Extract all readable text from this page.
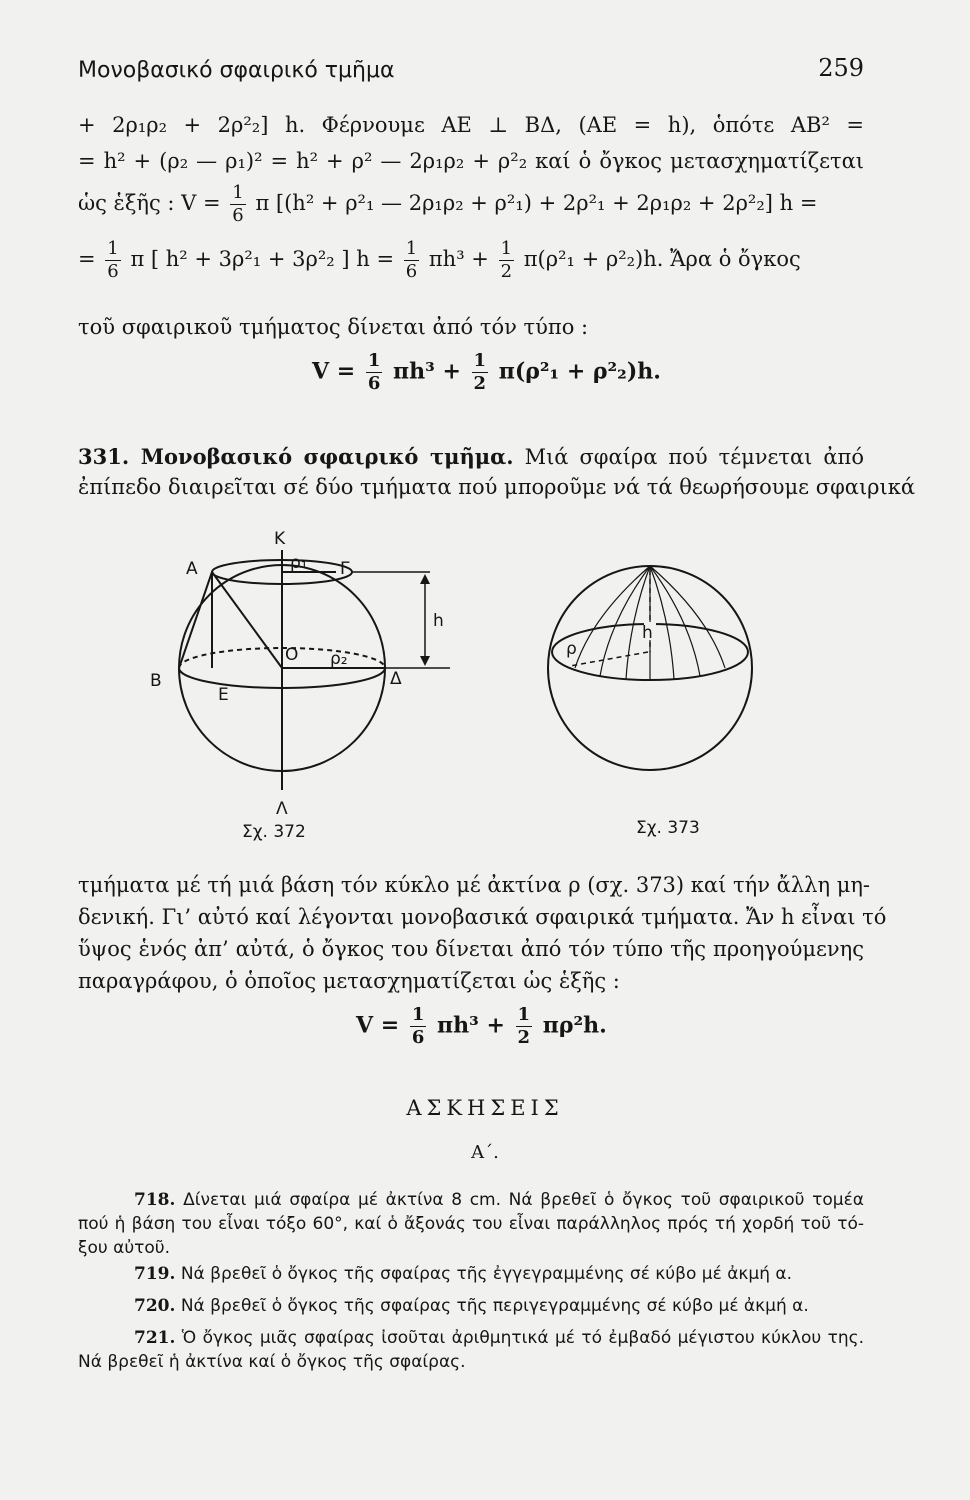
Μονοβασικό σφαιρικό τμῆμα	259
+ 2ρ₁ρ₂ + 2ρ²₂] h. Φέρνουμε ΑΕ ⊥ ΒΔ, (ΑΕ = h), ὁπότε ΑΒ² =
= h² + (ρ₂ — ρ₁)² = h² + ρ² — 2ρ₁ρ₂ + ρ²₂ καί ὁ ὄγκος μετασχηματίζεται
ὡς ἑξῆς : $V = \frac{1}{6}$ π [(h² + ρ²₁ — 2ρ₁ρ₂ + ρ²₁) + 2ρ²₁ + 2ρ₁ρ₂ + 2ρ²₂] h =
= $\frac{1}{6}$ π [ h² + 3ρ²₁ + 3ρ²₂ ] $h = \frac{1}{6} \pi h^3 + \frac{1}{2} \pi(\rho^2_1 + \rho^2_2)h$. Ἄρα ὁ ὄγκος
τοῦ σφαιρικοῦ τμήματος δίνεται ἀπό τόν τύπο :
$V = \frac{1}{6} \pi h^3 + \frac{1}{2} \pi(\rho^2_1 + \rho^2_2)h$.
331. Μονοβασικό σφαιρικό τμῆμα. Μιά σφαίρα πού τέμνεται ἀπό
ἐπίπεδο διαιρεῖται σέ δύο τμήματα πού μποροῦμε νά τά θεωρήσουμε σφαιρικά
Κ
Α	ρ₁ Γ
h
Ο ρ₂
Β
Ε
Δ
Λ
Σχ. 372
h
ρ
Σχ. 373
τμήματα μέ τή μιά βάση τόν κύκλο μέ ἀκτίνα ρ (σχ. 373) καί τήν ἄλλη μη-
δενική. Γι’ αὐτό καί λέγονται μονοβασικά σφαιρικά τμήματα. Ἄν h εἶναι τό
ὕψος ἑνός ἀπ’ αὐτά, ὁ ὄγκος του δίνεται ἀπό τόν τύπο τῆς προηγούμενης
παραγράφου, ὁ ὁποῖος μετασχηματίζεται ὡς ἑξῆς :
$V = \frac{1}{6} \pi h^3 + \frac{1}{2} \pi\rho^2h$.
ΑΣΚΗΣΕΙΣ
Α΄.
718. Δίνεται μιά σφαίρα μέ ἀκτίνα 8 cm. Νά βρεθεῖ ὁ ὄγκος τοῦ σφαιρικοῦ τομέα
πού ἡ βάση του εἶναι τόξο 60°, καί ὁ ἄξονάς του εἶναι παράλληλος πρός τή χορδή τοῦ τό-
ξου αὐτοῦ.
719. Νά βρεθεῖ ὁ ὄγκος τῆς σφαίρας τῆς ἐγγεγραμμένης σέ κύβο μέ ἀκμή α.
720. Νά βρεθεῖ ὁ ὄγκος τῆς σφαίρας τῆς περιγεγραμμένης σέ κύβο μέ ἀκμή α.
721. Ὁ ὄγκος μιᾶς σφαίρας ἰσοῦται ἀριθμητικά μέ τό ἐμβαδό μέγιστου κύκλου της.
Νά βρεθεῖ ἡ ἀκτίνα καί ὁ ὄγκος τῆς σφαίρας.
